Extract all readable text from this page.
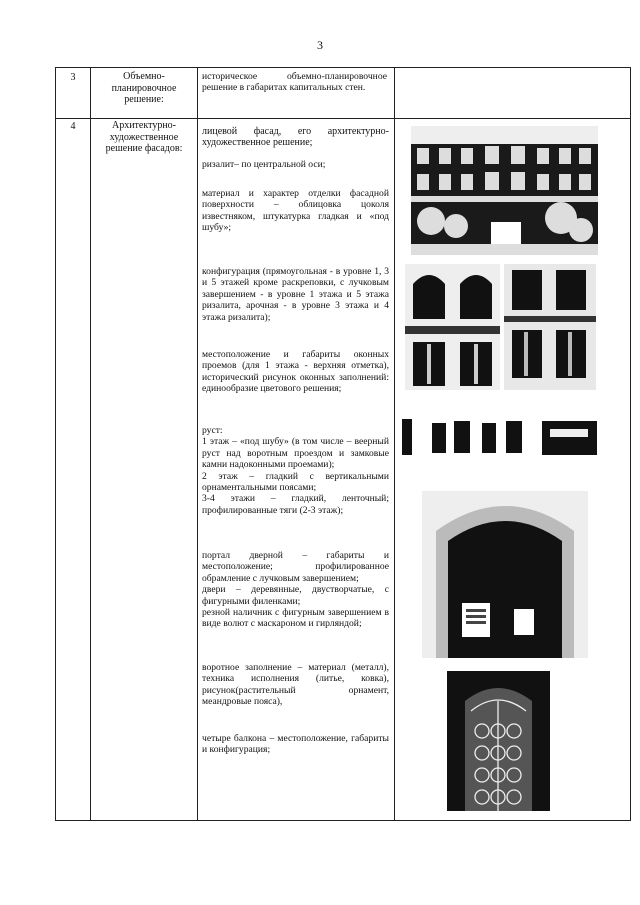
3
3	Объемно-планировочное решение:
историческое объемно-планировочное решение в габаритах капитальных стен.
4	Архитектурно-художественное решение фасадов:
лицевой фасад, его архитектурно-художественное решение;
ризалит– по центральной оси;
материал и характер отделки фасадной поверхности – облицовка цоколя известняком, штукатурка гладкая и «под шубу»;
конфигурация (прямоугольная - в уровне 1, 3 и 5 этажей кроме раскреповки, с лучковым завершением - в уровне 1 этажа и 5 этажа ризалита, арочная - в уровне 3 этажа и 4 этажа ризалита);
местоположение и габариты оконных проемов (для 1 этажа - верхняя отметка), исторический рисунок оконных заполнений: единообразие цветового решения;
руст:
1 этаж – «под шубу» (в том числе – веерный руст над воротным проездом и замковые камни надоконными проемами);
2 этаж – гладкий с вертикальными орнаментальными поясами;
3-4 этажи – гладкий, ленточный; профилированные тяги (2-3 этаж);
портал дверной – габариты и местоположение; профилированное обрамление с лучковым завершением;
двери – деревянные, двустворчатые, с фигурными филенками;
резной наличник с фигурным завершением в виде волют с маскароном и гирляндой;
воротное заполнение – материал (металл), техника исполнения (литье, ковка), рисунок(растительный орнамент, меандровые пояса),
четыре балкона – местоположение, габариты и конфигурация;
